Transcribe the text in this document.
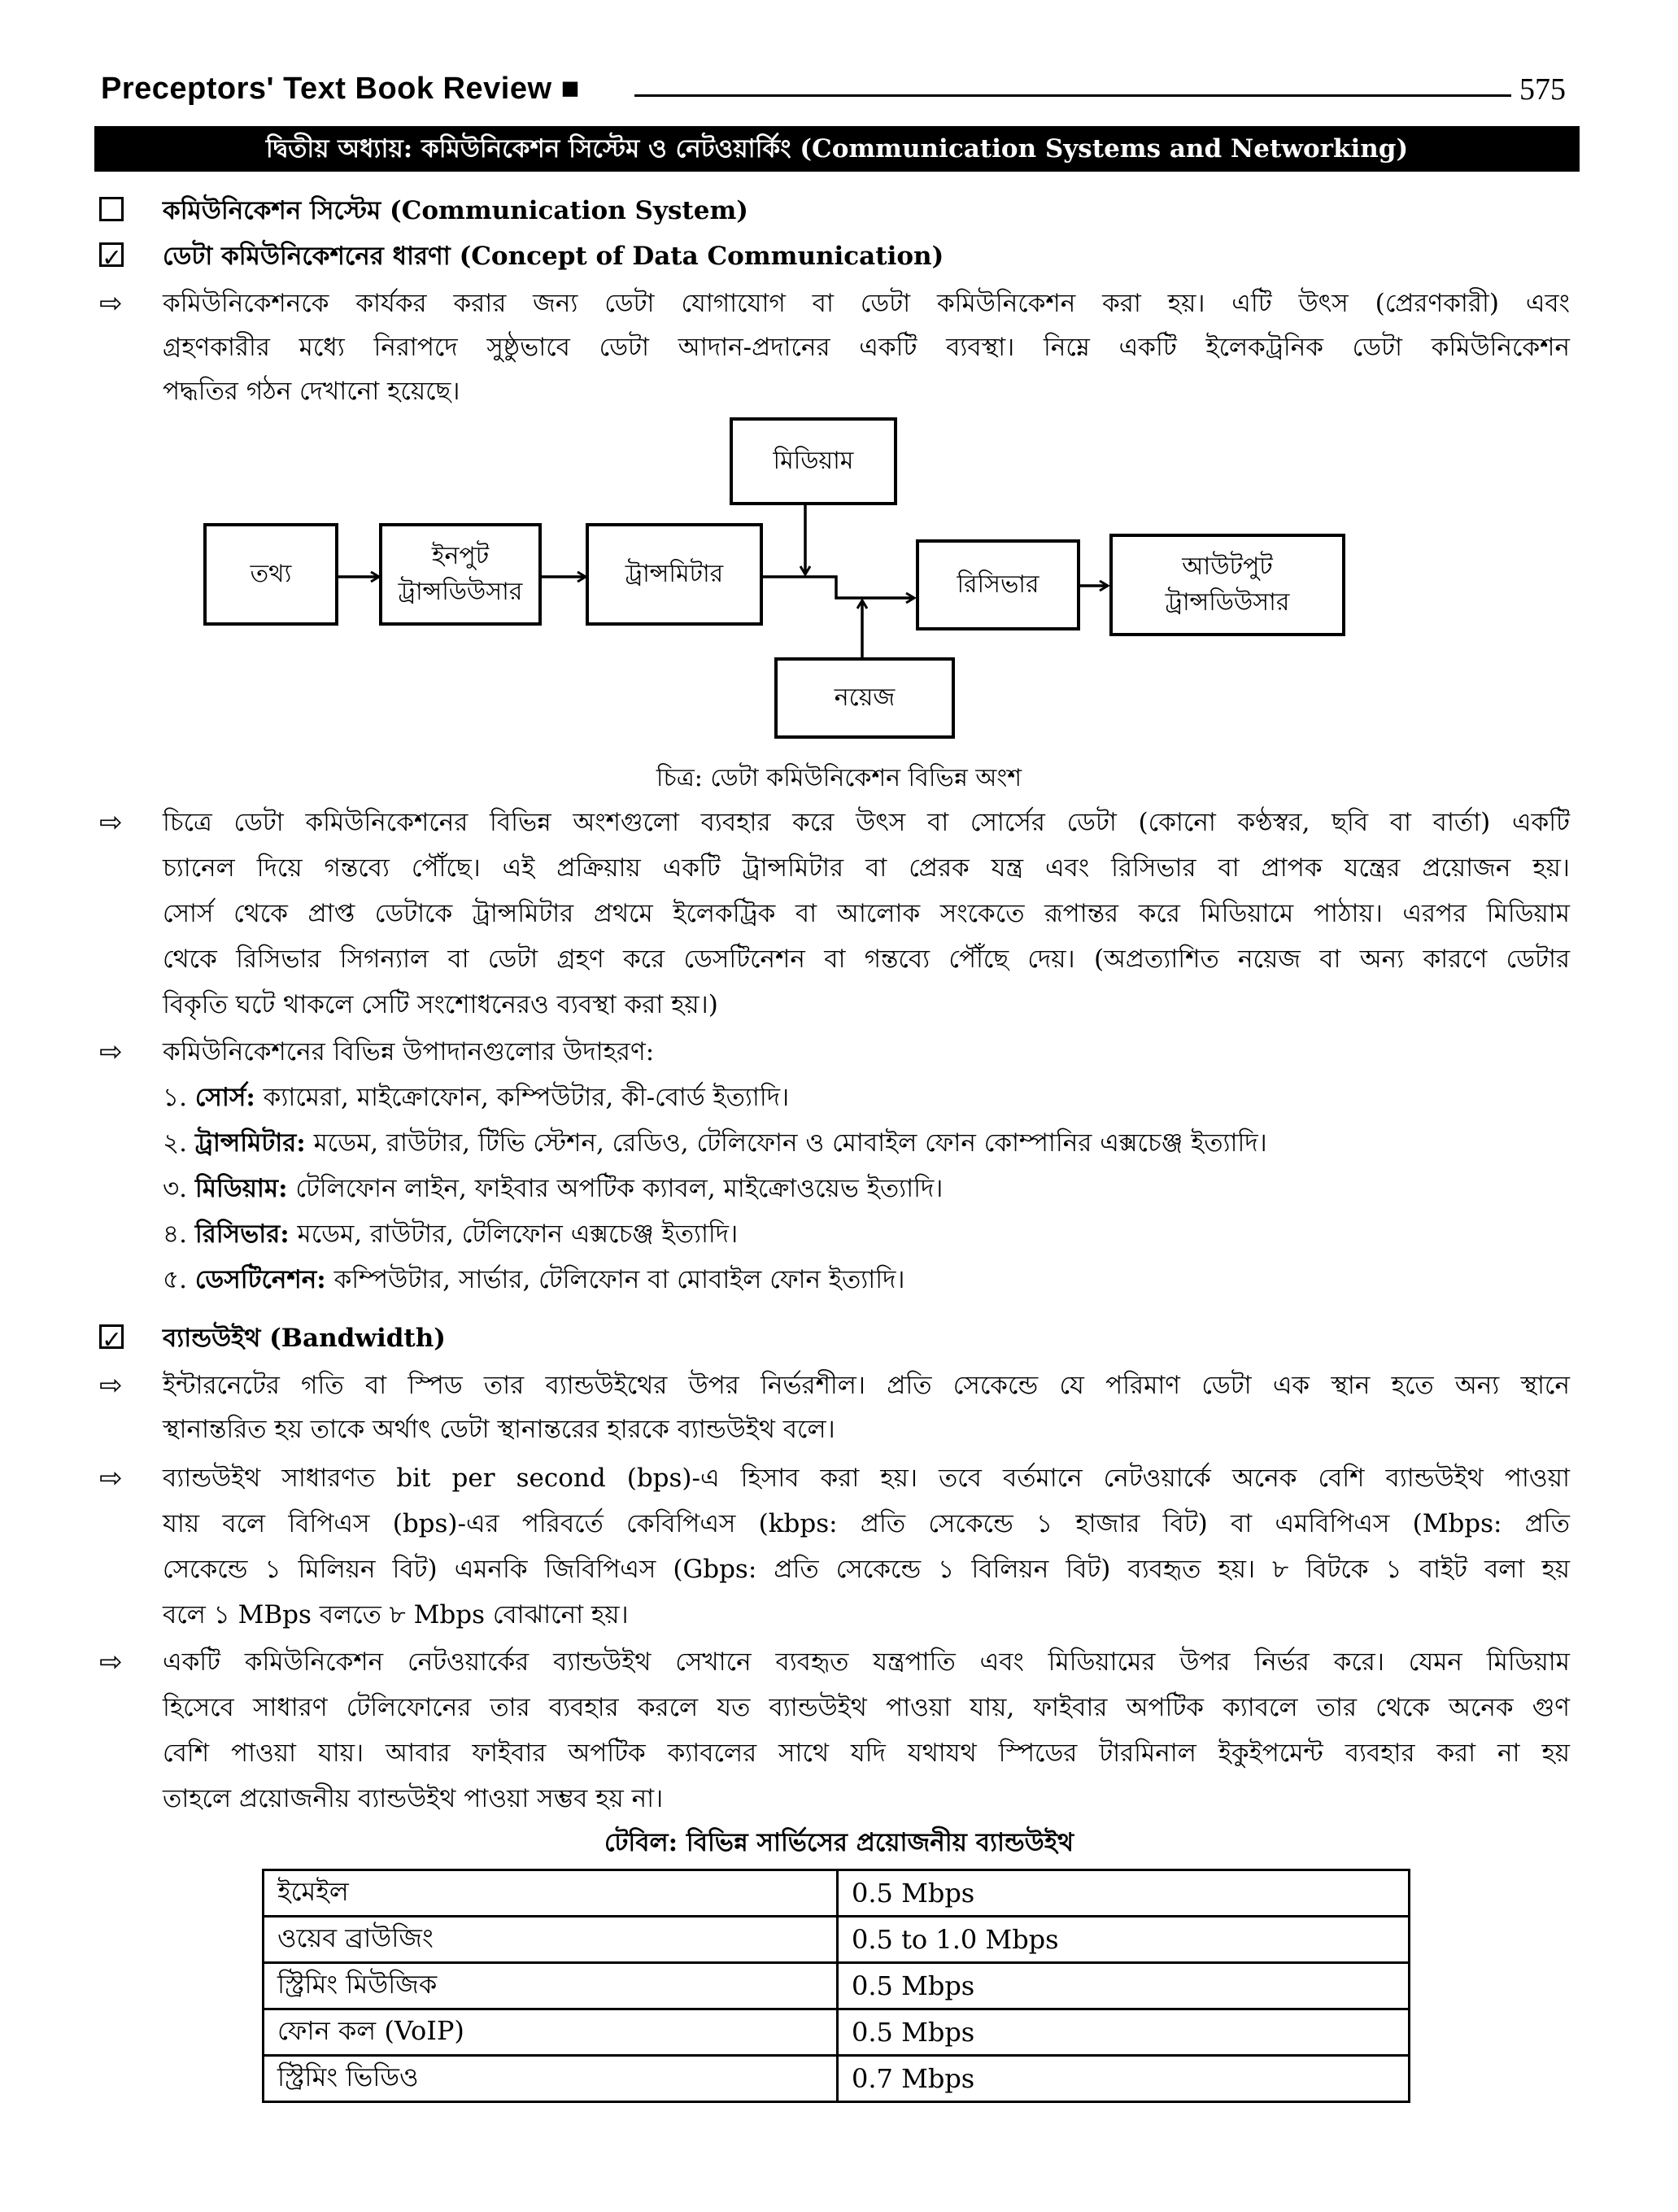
Preceptors' Text Book Review ■	575
দ্বিতীয় অধ্যায়: কমিউনিকেশন সিস্টেম ও নেটওয়ার্কিং (Communication Systems and Networking)
কমিউনিকেশন সিস্টেম (Communication System)
✓
ডেটা কমিউনিকেশনের ধারণা (Concept of Data Communication)
⇨ কমিউনিকেশনকে কার্যকর করার জন্য ডেটা যোগাযোগ বা ডেটা কমিউনিকেশন করা হয়। এটি উৎস (প্রেরণকারী) এবং
গ্রহণকারীর মধ্যে নিরাপদে সুষ্ঠুভাবে ডেটা আদান-প্রদানের একটি ব্যবস্থা। নিম্নে একটি ইলেকট্রনিক ডেটা কমিউনিকেশন
পদ্ধতির গঠন দেখানো হয়েছে।
তথ্য
ইনপুট ট্রান্সডিউসার
ট্রান্সমিটার
মিডিয়াম
রিসিভার
আউটপুট ট্রান্সডিউসার
নয়েজ
চিত্র: ডেটা কমিউনিকেশন বিভিন্ন অংশ
⇨ চিত্রে ডেটা কমিউনিকেশনের বিভিন্ন অংশগুলো ব্যবহার করে উৎস বা সোর্সের ডেটা (কোনো কণ্ঠস্বর, ছবি বা বার্তা) একটি
চ্যানেল দিয়ে গন্তব্যে পৌঁছে। এই প্রক্রিয়ায় একটি ট্রান্সমিটার বা প্রেরক যন্ত্র এবং রিসিভার বা প্রাপক যন্ত্রের প্রয়োজন হয়।
সোর্স থেকে প্রাপ্ত ডেটাকে ট্রান্সমিটার প্রথমে ইলেকট্রিক বা আলোক সংকেতে রূপান্তর করে মিডিয়ামে পাঠায়। এরপর মিডিয়াম
থেকে রিসিভার সিগন্যাল বা ডেটা গ্রহণ করে ডেসটিনেশন বা গন্তব্যে পৌঁছে দেয়। (অপ্রত্যাশিত নয়েজ বা অন্য কারণে ডেটার
বিকৃতি ঘটে থাকলে সেটি সংশোধনেরও ব্যবস্থা করা হয়।)
⇨ কমিউনিকেশনের বিভিন্ন উপাদানগুলোর উদাহরণ:
১. সোর্স: ক্যামেরা, মাইক্রোফোন, কম্পিউটার, কী-বোর্ড ইত্যাদি।
২. ট্রান্সমিটার: মডেম, রাউটার, টিভি স্টেশন, রেডিও, টেলিফোন ও মোবাইল ফোন কোম্পানির এক্সচেঞ্জ ইত্যাদি।
৩. মিডিয়াম: টেলিফোন লাইন, ফাইবার অপটিক ক্যাবল, মাইক্রোওয়েভ ইত্যাদি।
৪. রিসিভার: মডেম, রাউটার, টেলিফোন এক্সচেঞ্জ ইত্যাদি।
৫. ডেসটিনেশন: কম্পিউটার, সার্ভার, টেলিফোন বা মোবাইল ফোন ইত্যাদি।
✓
ব্যান্ডউইথ (Bandwidth)
⇨ ইন্টারনেটের গতি বা স্পিড তার ব্যান্ডউইথের উপর নির্ভরশীল। প্রতি সেকেন্ডে যে পরিমাণ ডেটা এক স্থান হতে অন্য স্থানে
স্থানান্তরিত হয় তাকে অর্থাৎ ডেটা স্থানান্তরের হারকে ব্যান্ডউইথ বলে।
⇨ ব্যান্ডউইথ সাধারণত bit per second (bps)-এ হিসাব করা হয়। তবে বর্তমানে নেটওয়ার্কে অনেক বেশি ব্যান্ডউইথ পাওয়া
যায় বলে বিপিএস (bps)-এর পরিবর্তে কেবিপিএস (kbps: প্রতি সেকেন্ডে ১ হাজার বিট) বা এমবিপিএস (Mbps: প্রতি
সেকেন্ডে ১ মিলিয়ন বিট) এমনকি জিবিপিএস (Gbps: প্রতি সেকেন্ডে ১ বিলিয়ন বিট) ব্যবহৃত হয়। ৮ বিটকে ১ বাইট বলা হয়
বলে ১ MBps বলতে ৮ Mbps বোঝানো হয়।
⇨ একটি কমিউনিকেশন নেটওয়ার্কের ব্যান্ডউইথ সেখানে ব্যবহৃত যন্ত্রপাতি এবং মিডিয়ামের উপর নির্ভর করে। যেমন মিডিয়াম
হিসেবে সাধারণ টেলিফোনের তার ব্যবহার করলে যত ব্যান্ডউইথ পাওয়া যায়, ফাইবার অপটিক ক্যাবলে তার থেকে অনেক গুণ
বেশি পাওয়া যায়। আবার ফাইবার অপটিক ক্যাবলের সাথে যদি যথাযথ স্পিডের টারমিনাল ইকুইপমেন্ট ব্যবহার করা না হয়
তাহলে প্রয়োজনীয় ব্যান্ডউইথ পাওয়া সম্ভব হয় না।
টেবিল: বিভিন্ন সার্ভিসের প্রয়োজনীয় ব্যান্ডউইথ
ইমেইল	0.5 Mbps
ওয়েব ব্রাউজিং	0.5 to 1.0 Mbps
স্ট্রিমিং মিউজিক	0.5 Mbps
ফোন কল (VoIP)	0.5 Mbps
স্ট্রিমিং ভিডিও	0.7 Mbps
